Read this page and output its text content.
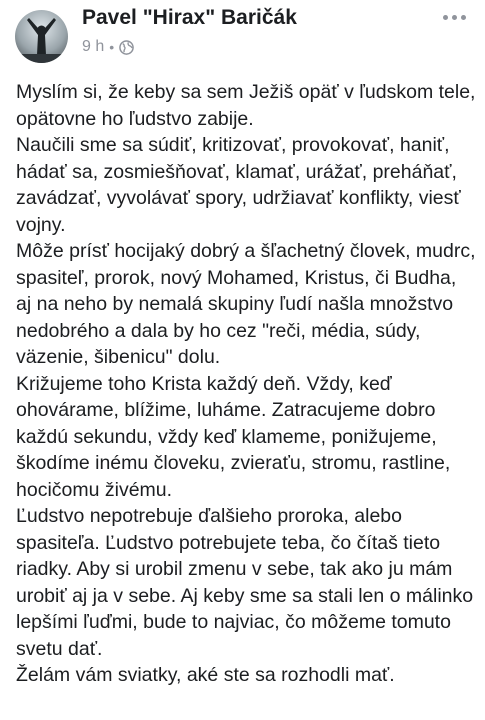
Pavel "Hirax" Baričák
9 h •

Myslím si, že keby sa sem Ježiš opäť v ľudskom tele, opätovne ho ľudstvo zabije.

Naučili sme sa súdiť, kritizovať, provokovať, haniť, hádať sa, zosmiešňovať, klamať, urážať, preháňať, zavádzať, vyvolávať spory, udržiavať konflikty, viesť vojny.

Môže prísť hocijaký dobrý a šľachetný človek, mudrc, spasiteľ, prorok, nový Mohamed, Kristus, či Budha, aj na neho by nemalá skupiny ľudí našla množstvo nedobrého a dala by ho cez "reči, média, súdy, väzenie, šibenicu" dolu.

Križujeme toho Krista každý deň. Vždy, keď ohovárame, blížime, luháme. Zatracujeme dobro každú sekundu, vždy keď klameme, ponižujeme, škodíme inému človeku, zvieraťu, stromu, rastline, hocičomu živému.

Ľudstvo nepotrebuje ďalšieho proroka, alebo spasiteľa. Ľudstvo potrebujete teba, čo čítaš tieto riadky. Aby si urobil zmenu v sebe, tak ako ju mám urobiť aj ja v sebe. Aj keby sme sa stali len o málinko lepšími ľuďmi, bude to najviac, čo môžeme tomuto svetu dať.

Želám vám sviatky, aké ste sa rozhodli mať.
